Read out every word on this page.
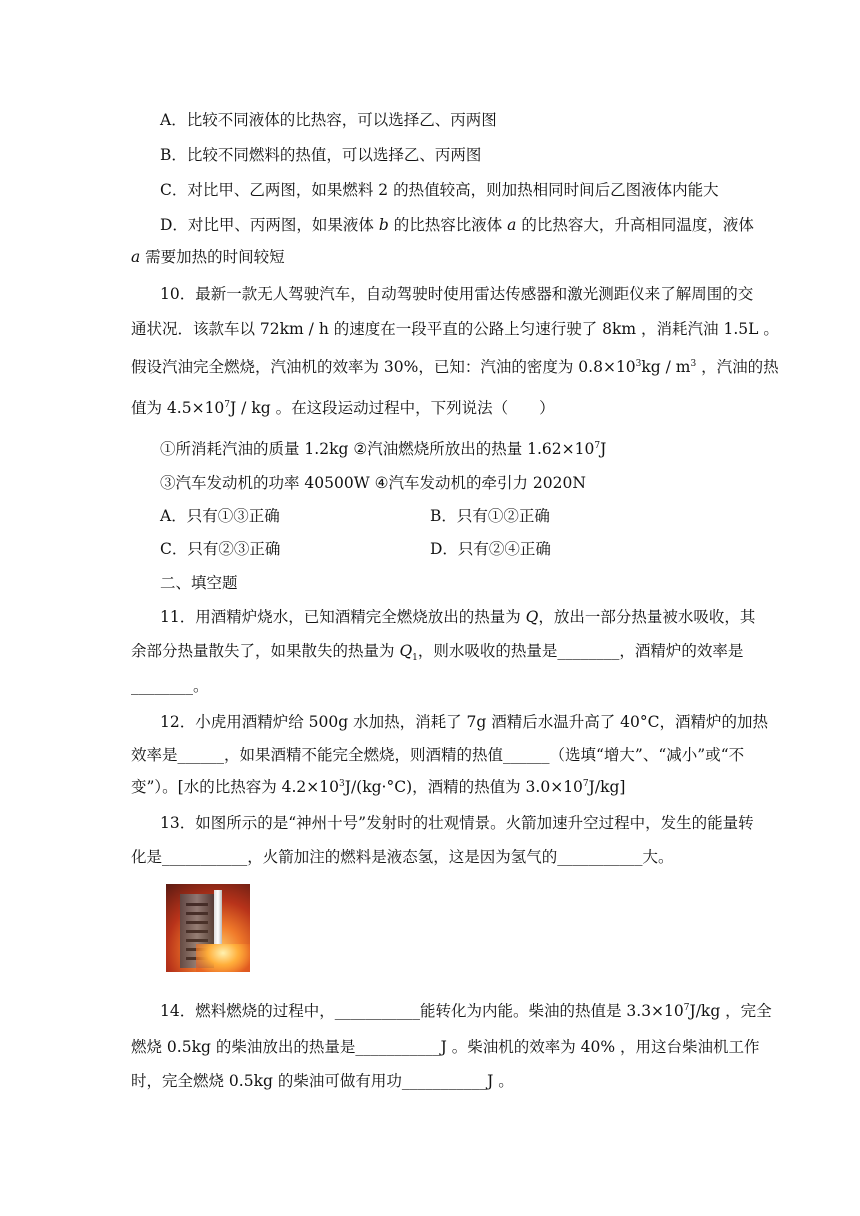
A．比较不同液体的比热容，可以选择乙、丙两图
B．比较不同燃料的热值，可以选择乙、丙两图
C．对比甲、乙两图，如果燃料 2 的热值较高，则加热相同时间后乙图液体内能大
D．对比甲、丙两图，如果液体 b 的比热容比液体 a 的比热容大，升高相同温度，液体
a 需要加热的时间较短
10．最新一款无人驾驶汽车，自动驾驶时使用雷达传感器和激光测距仪来了解周围的交
通状况．该款车以 72km / h 的速度在一段平直的公路上匀速行驶了 8km ，消耗汽油 1.5L 。
假设汽油完全燃烧，汽油机的效率为 30%，已知：汽油的密度为 $0.8\times 10^3kg / m^3$ ，汽油的热
值为 $4.5\times 10^7J$ / kg 。在这段运动过程中，下列说法（　　）
①所消耗汽油的质量 1.2kg ②汽油燃烧所放出的热量 $1.62\times 10^7J$
③汽车发动机的功率 40500W ④汽车发动机的牵引力 2020N
A．只有①③正确	B．只有①②正确
C．只有②③正确	D．只有②④正确
二、填空题
11．用酒精炉烧水，已知酒精完全燃烧放出的热量为 Q，放出一部分热量被水吸收，其
余部分热量散失了，如果散失的热量为 $Q_1$，则水吸收的热量是________，酒精炉的效率是
________。
12．小虎用酒精炉给 500g 水加热，消耗了 7g 酒精后水温升高了 40°C，酒精炉的加热
效率是______，如果酒精不能完全燃烧，则酒精的热值______（选填“增大”、“减小”或“不
变”）。[水的比热容为 $4.2\times 10^3J/(kg\cdot^\circ C)$，酒精的热值为 $3.0\times 10^7J/kg$]
13．如图所示的是“神州十号”发射时的壮观情景。火箭加速升空过程中，发生的能量转
化是___________，火箭加注的燃料是液态氢，这是因为氢气的___________大。
14．燃料燃烧的过程中，___________能转化为内能。柴油的热值是 $3.3\times 10^7J/kg$ ，完全
燃烧 0.5kg 的柴油放出的热量是___________J 。柴油机的效率为 40% ，用这台柴油机工作
时，完全燃烧 0.5kg 的柴油可做有用功___________J 。
